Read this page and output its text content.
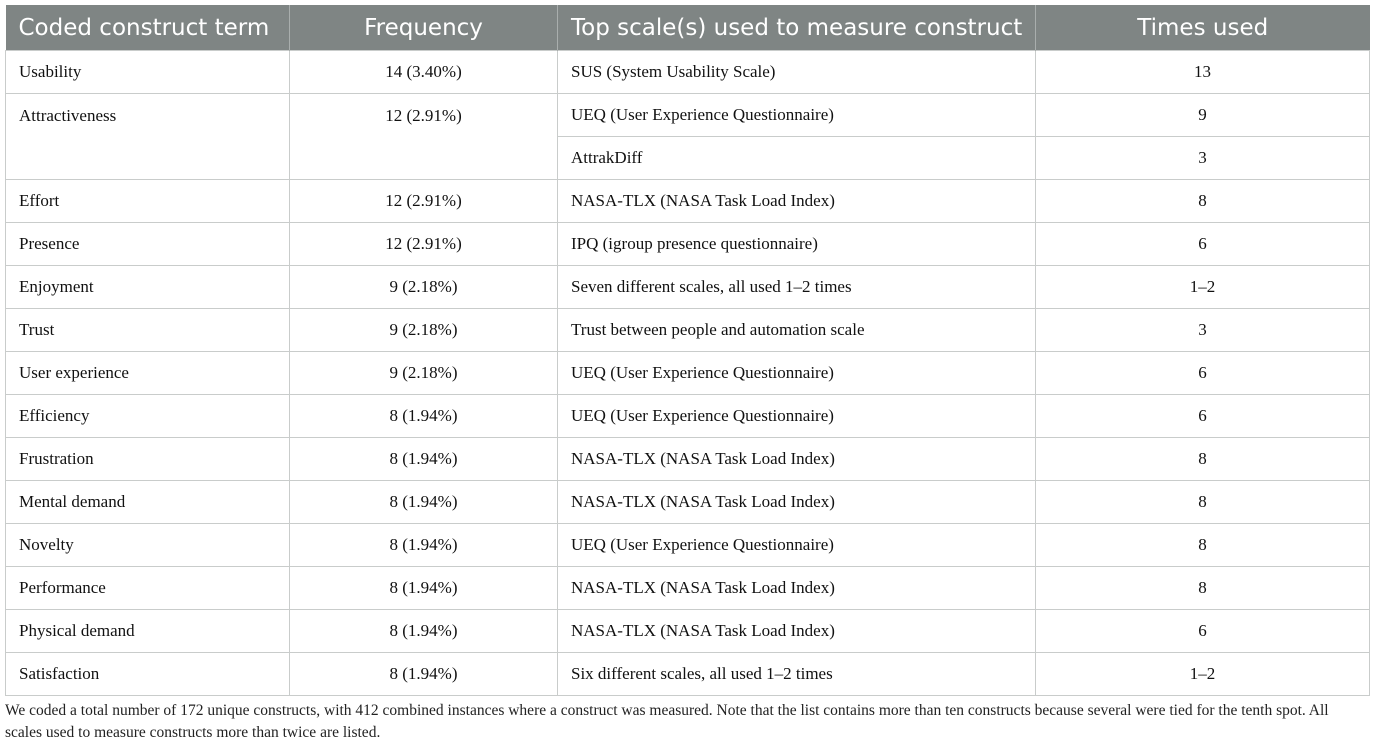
Coded construct term	Frequency	Top scale(s) used to measure construct	Times used
Usability	14 (3.40%)	SUS (System Usability Scale)	13
Attractiveness	12 (2.91%)	UEQ (User Experience Questionnaire)	9
		AttrakDiff	3
Effort	12 (2.91%)	NASA-TLX (NASA Task Load Index)	8
Presence	12 (2.91%)	IPQ (igroup presence questionnaire)	6
Enjoyment	9 (2.18%)	Seven different scales, all used 1–2 times	1–2
Trust	9 (2.18%)	Trust between people and automation scale	3
User experience	9 (2.18%)	UEQ (User Experience Questionnaire)	6
Efficiency	8 (1.94%)	UEQ (User Experience Questionnaire)	6
Frustration	8 (1.94%)	NASA-TLX (NASA Task Load Index)	8
Mental demand	8 (1.94%)	NASA-TLX (NASA Task Load Index)	8
Novelty	8 (1.94%)	UEQ (User Experience Questionnaire)	8
Performance	8 (1.94%)	NASA-TLX (NASA Task Load Index)	8
Physical demand	8 (1.94%)	NASA-TLX (NASA Task Load Index)	6
Satisfaction	8 (1.94%)	Six different scales, all used 1–2 times	1–2
We coded a total number of 172 unique constructs, with 412 combined instances where a construct was measured. Note that the list contains more than ten constructs because several were tied for the tenth spot. All scales used to measure constructs more than twice are listed.
